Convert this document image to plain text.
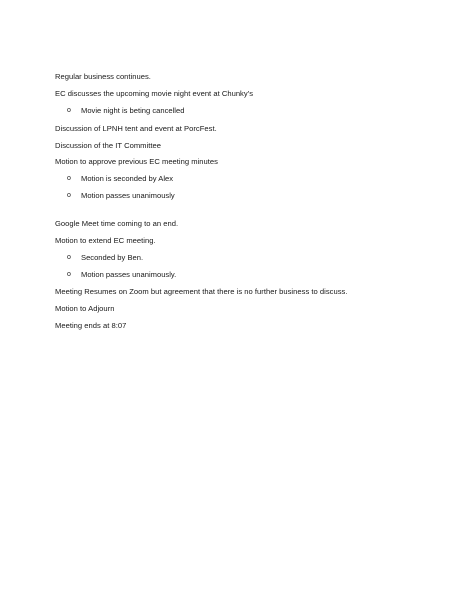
Regular business continues.
EC discusses the upcoming movie night event at Chunky’s
o Movie night is beting cancelled
Discussion of LPNH tent and event at PorcFest.
Discussion of the IT Committee
Motion to approve previous EC meeting minutes
o Motion is seconded by Alex
o Motion passes unanimously
Google Meet time coming to an end.
Motion to extend EC meeting.
o Seconded by Ben.
o Motion passes unanimously.
Meeting Resumes on Zoom but agreement that there is no further business to discuss.
Motion to Adjourn
Meeting ends at 8:07
